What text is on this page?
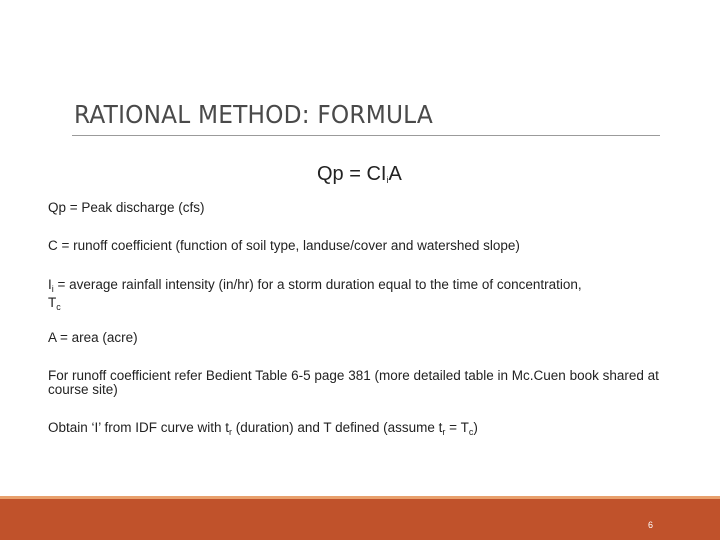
RATIONAL METHOD: FORMULA
$Qp = CI_iA$
Qp = Peak discharge (cfs)
C = runoff coefficient (function of soil type, landuse/cover and watershed slope)
$I_i$ = average rainfall intensity (in/hr) for a storm duration equal to the time of concentration,
$T_c$
A = area (acre)
For runoff coefficient refer Bedient Table 6-5 page 381 (more detailed table in Mc.Cuen book shared at course site)
Obtain ‘I’ from IDF curve with $t_r$ (duration) and T defined (assume $t_r = T_c$)
6
